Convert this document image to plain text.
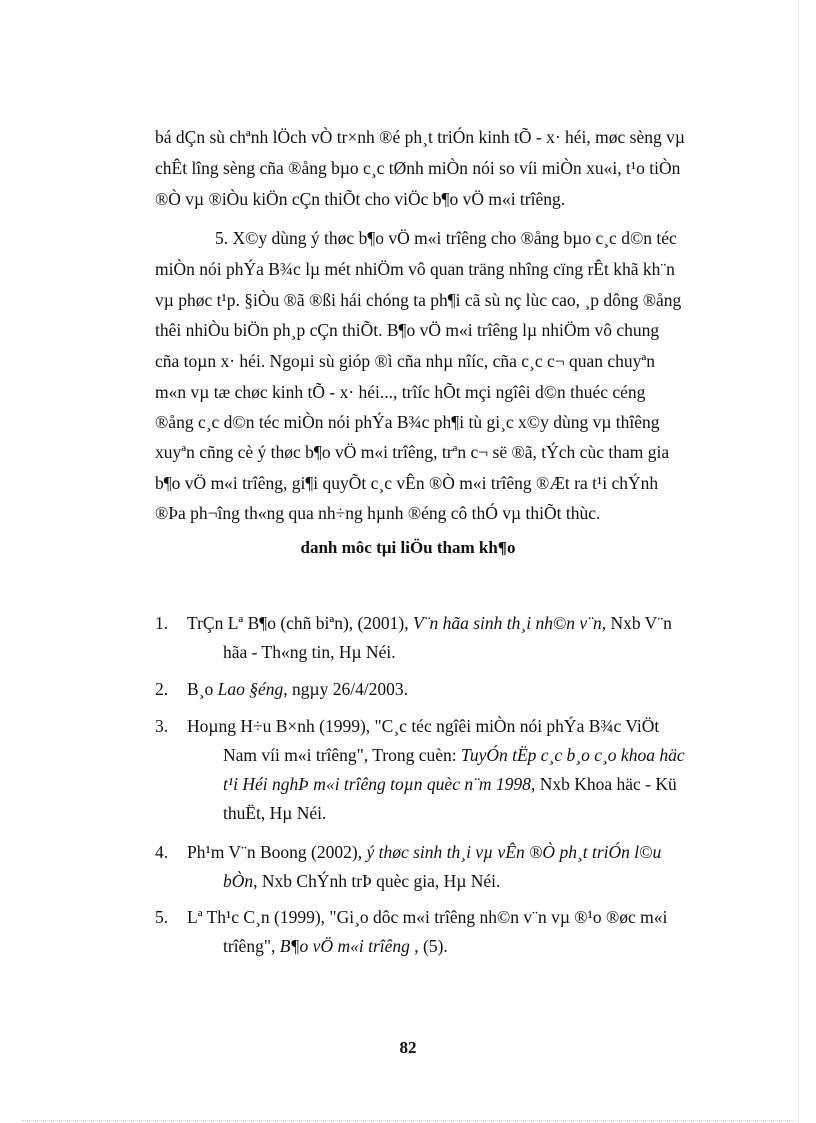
bá dÇn sù chªnh lÖch vÒ tr×nh ®é ph¸t triÓn kinh tÕ - x· héi, møc sèng vµ
chÊt lîng sèng cña ®ång bµo c¸c tØnh miÒn nói so víi miÒn xu«i, t¹o tiÒn
®Ò vµ ®iÒu kiÖn cÇn thiÕt cho viÖc b¶o vÖ m«i trîêng.
5. X©y dùng ý thøc b¶o vÖ m«i trîêng cho ®ång bµo c¸c d©n téc
miÒn nói phÝa B¾c lµ mét nhiÖm vô quan träng nhîng cïng rÊt khã kh¨n
vµ phøc t¹p. §iÒu ®ã ®ßi hái chóng ta ph¶i cã sù nç lùc cao, ¸p dông ®ång
thêi nhiÒu biÖn ph¸p cÇn thiÕt. B¶o vÖ m«i trîêng lµ nhiÖm vô chung
cña toµn x· héi. Ngoµi sù gióp ®ì cña nhµ nîíc, cña c¸c c¬ quan chuyªn
m«n vµ tæ chøc kinh tÕ - x· héi..., trîíc hÕt mçi ngîêi d©n thuéc céng
®ång c¸c d©n téc miÒn nói phÝa B¾c ph¶i tù gi¸c x©y dùng vµ thîêng
xuyªn cñng cè ý thøc b¶o vÖ m«i trîêng, trªn c¬ së ®ã, tÝch cùc tham gia
b¶o vÖ m«i trîêng, gi¶i quyÕt c¸c vÊn ®Ò m«i trîêng ®Æt ra t¹i chÝnh
®Þa ph¬îng th«ng qua nh÷ng hµnh ®éng cô thÓ vµ thiÕt thùc.
danh môc tµi liÖu tham kh¶o
1. TrÇn Lª B¶o (chñ biªn), (2001), V¨n hãa sinh th¸i nh©n v¨n, Nxb V¨n
hãa - Th«ng tin, Hµ Néi.
2. B¸o Lao §éng, ngµy 26/4/2003.
3. Hoµng H÷u B×nh (1999), "C¸c téc ngîêi miÒn nói phÝa B¾c ViÖt
Nam víi m«i trîêng", Trong cuèn: TuyÓn tËp c¸c b¸o c¸o khoa häc
t¹i Héi nghÞ m«i trîêng toµn quèc n¨m 1998, Nxb Khoa häc - Kü
thuËt, Hµ Néi.
4. Ph¹m V¨n Boong (2002), ý thøc sinh th¸i vµ vÊn ®Ò ph¸t triÓn l©u
bÒn, Nxb ChÝnh trÞ quèc gia, Hµ Néi.
5. Lª Th¹c C¸n (1999), "Gi¸o dôc m«i trîêng nh©n v¨n vµ ®¹o ®øc m«i
trîêng", B¶o vÖ m«i trîêng , (5).
82
